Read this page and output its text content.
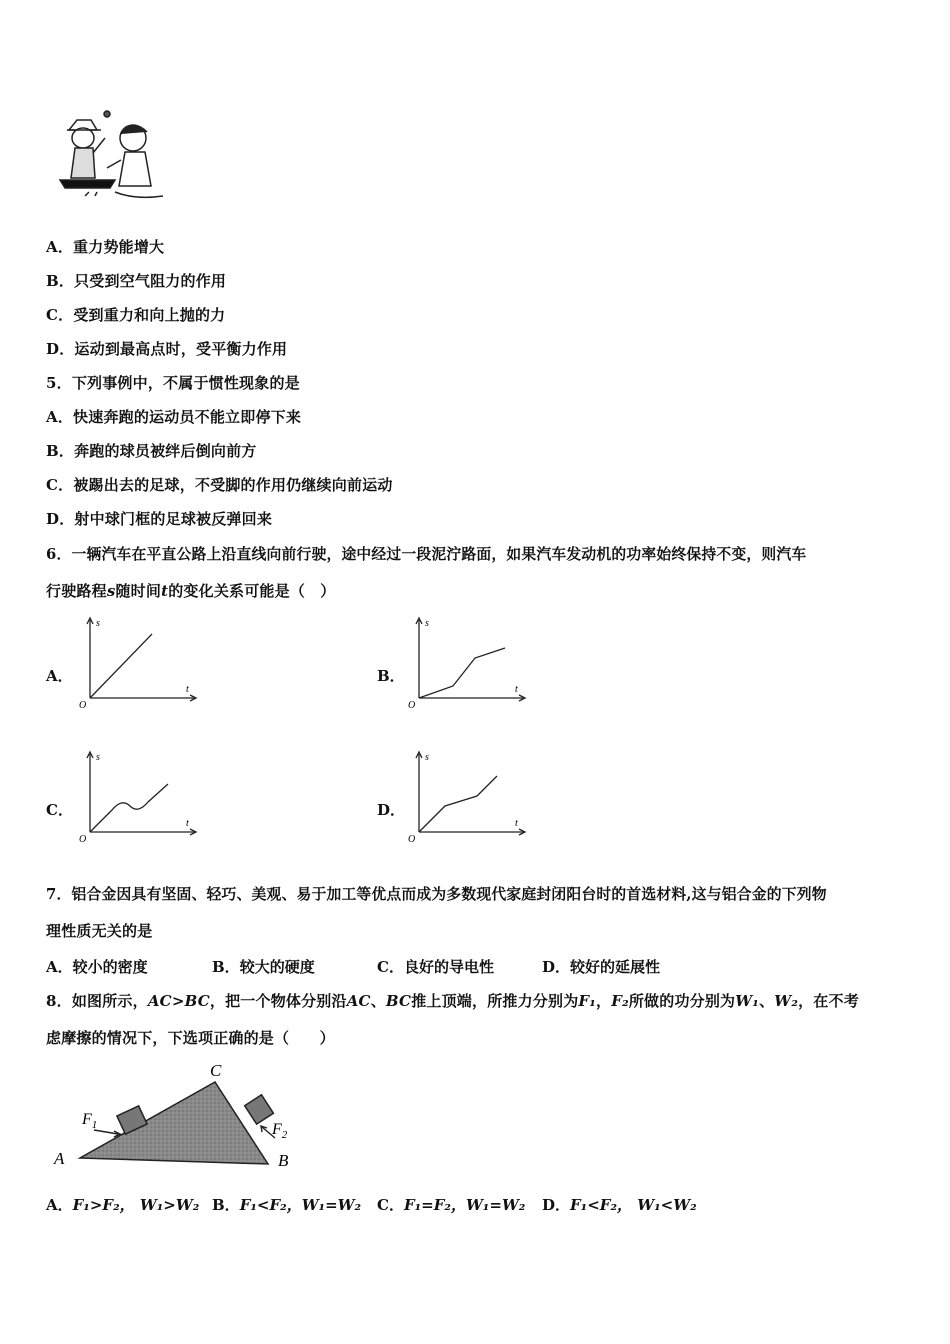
A．重力势能增大
B．只受到空气阻力的作用
C．受到重力和向上抛的力
D．运动到最高点时，受平衡力作用
5．下列事例中，不属于惯性现象的是
A．快速奔跑的运动员不能立即停下来
B．奔跑的球员被绊后倒向前方
C．被踢出去的足球，不受脚的作用仍继续向前运动
D．射中球门框的足球被反弹回来
6．一辆汽车在平直公路上沿直线向前行驶，途中经过一段泥泞路面，如果汽车发动机的功率始终保持不变，则汽车
行驶路程s随时间t的变化关系可能是（　）
A．	B．
C．	D．
s
t
O
s
t
O
s
t
O
s
t
O
7．铝合金因具有坚固、轻巧、美观、易于加工等优点而成为多数现代家庭封闭阳台时的首选材料,这与铝合金的下列物
理性质无关的是
A．较小的密度	B．较大的硬度	C．良好的导电性	D．较好的延展性
8．如图所示，AC>BC，把一个物体分别沿AC、BC推上顶端，所推力分别为F₁，F₂所做的功分别为W₁、W₂，在不考
虑摩擦的情况下，下选项正确的是（　　）
C
A	B
$F_1$	$F_2$
A．F₁>F₂， W₁>W₂ B．F₁<F₂，W₁=W₂ C．F₁=F₂，W₁=W₂ D．F₁<F₂， W₁<W₂
